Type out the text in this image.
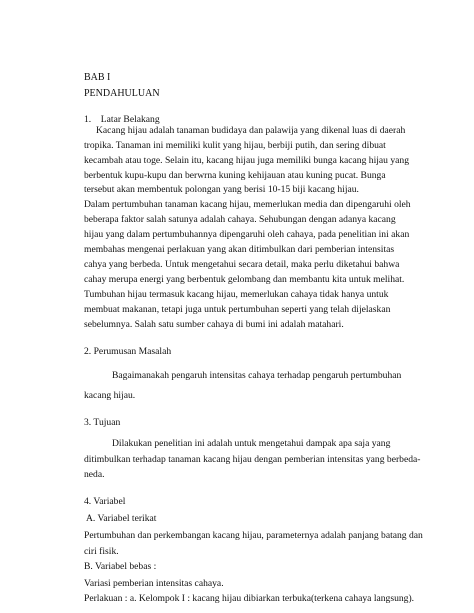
BAB I
PENDAHULUAN
1.    Latar Belakang
Kacang hijau adalah tanaman budidaya dan palawija yang dikenal luas di daerah
tropika. Tanaman ini memiliki kulit yang hijau, berbiji putih, dan sering dibuat
kecambah atau toge. Selain itu, kacang hijau juga memiliki bunga kacang hijau yang
berbentuk kupu-kupu dan berwrna kuning kehijauan atau kuning pucat. Bunga
tersebut akan membentuk polongan yang berisi 10-15 biji kacang hijau.
Dalam pertumbuhan tanaman kacang hijau, memerlukan media dan dipengaruhi oleh
beberapa faktor salah satunya adalah cahaya. Sehubungan dengan adanya kacang
hijau yang dalam pertumbuhannya dipengaruhi oleh cahaya, pada penelitian ini akan
membahas mengenai perlakuan yang akan ditimbulkan dari pemberian intensitas
cahya yang berbeda. Untuk mengetahui secara detail, maka perlu diketahui bahwa
cahay merupa energi yang berbentuk gelombang dan membantu kita untuk melihat.
Tumbuhan hijau termasuk kacang hijau, memerlukan cahaya tidak hanya untuk
membuat makanan, tetapi juga untuk pertumbuhan seperti yang telah dijelaskan
sebelumnya. Salah satu sumber cahaya di bumi ini adalah matahari.
2. Perumusan Masalah
Bagaimanakah pengaruh intensitas cahaya terhadap pengaruh pertumbuhan
kacang hijau.
3. Tujuan
Dilakukan penelitian ini adalah untuk mengetahui dampak apa saja yang
ditimbulkan terhadap tanaman kacang hijau dengan pemberian intensitas yang berbeda-
neda.
4. Variabel
A. Variabel terikat
Pertumbuhan dan perkembangan kacang hijau, parameternya adalah panjang batang dan
ciri fisik.
B. Variabel bebas :
Variasi pemberian intensitas cahaya.
Perlakuan : a. Kelompok I : kacang hijau dibiarkan terbuka(terkena cahaya langsung).
